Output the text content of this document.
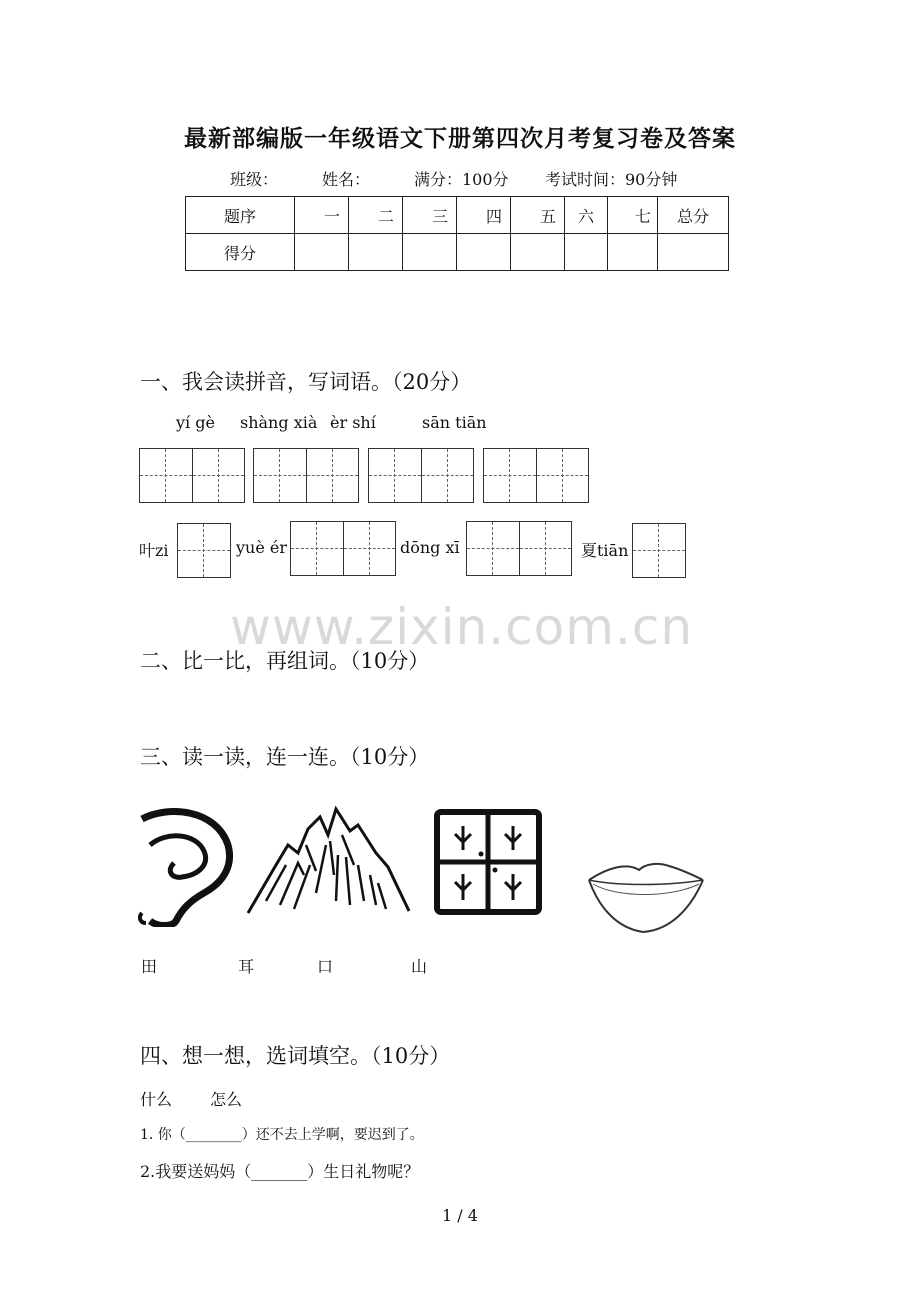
最新部编版一年级语文下册第四次月考复习卷及答案
班级：	姓名：	满分：100分 考试时间：90分钟
题序	一	二	三	四	五	六	七	总分
得分								
一、我会读拼音，写词语。（20分）
yí gè shàng xià èr shí	sān tiān
叶zi	yuè ér	dōng xī	夏tiān
www.zixin.com.cn
二、比一比，再组词。（10分）
三、读一读，连一连。（10分）
田	耳	口	山
四、想一想，选词填空。（10分）
什么 怎么
1. 你（________）还不去上学啊，要迟到了。
2.我要送妈妈（_______）生日礼物呢？
1 / 4
